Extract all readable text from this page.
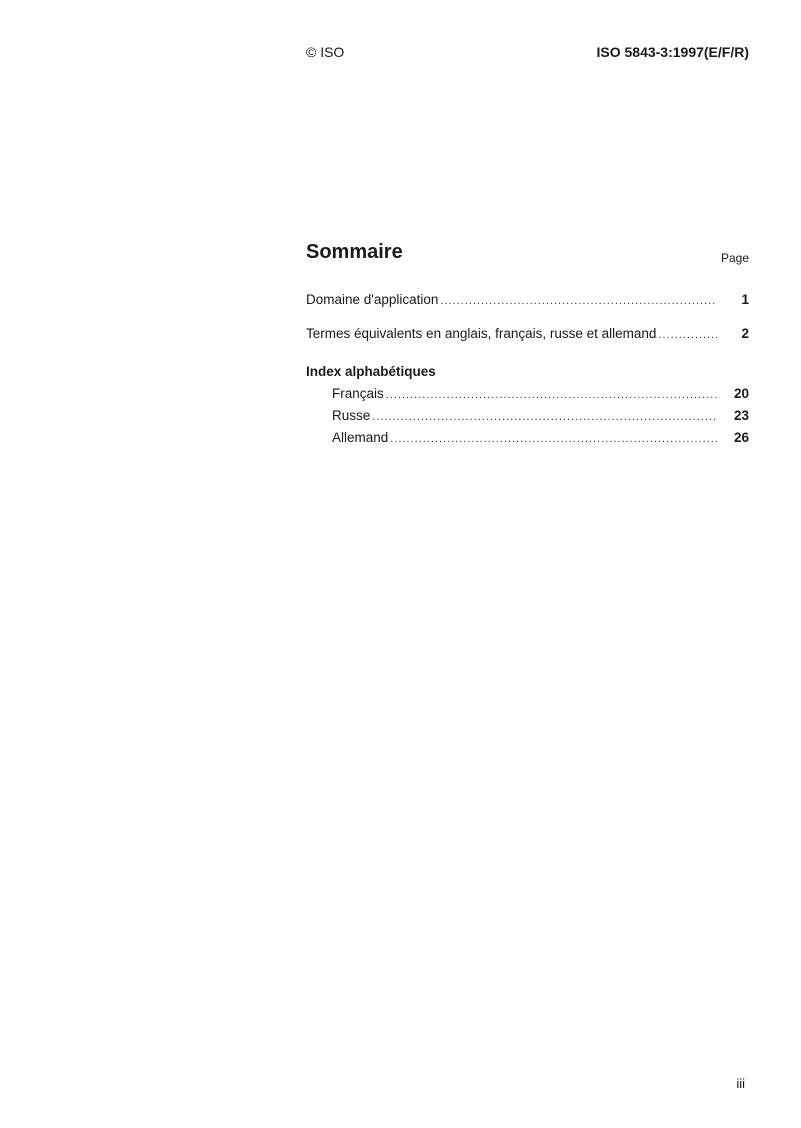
© ISO	ISO 5843-3:1997(E/F/R)
Sommaire	Page
Domaine d'application .....	1
Termes équivalents en anglais, français, russe et allemand .....	2
Index alphabétiques
Français .....	20
Russe .....	23
Allemand .....	26
iii
